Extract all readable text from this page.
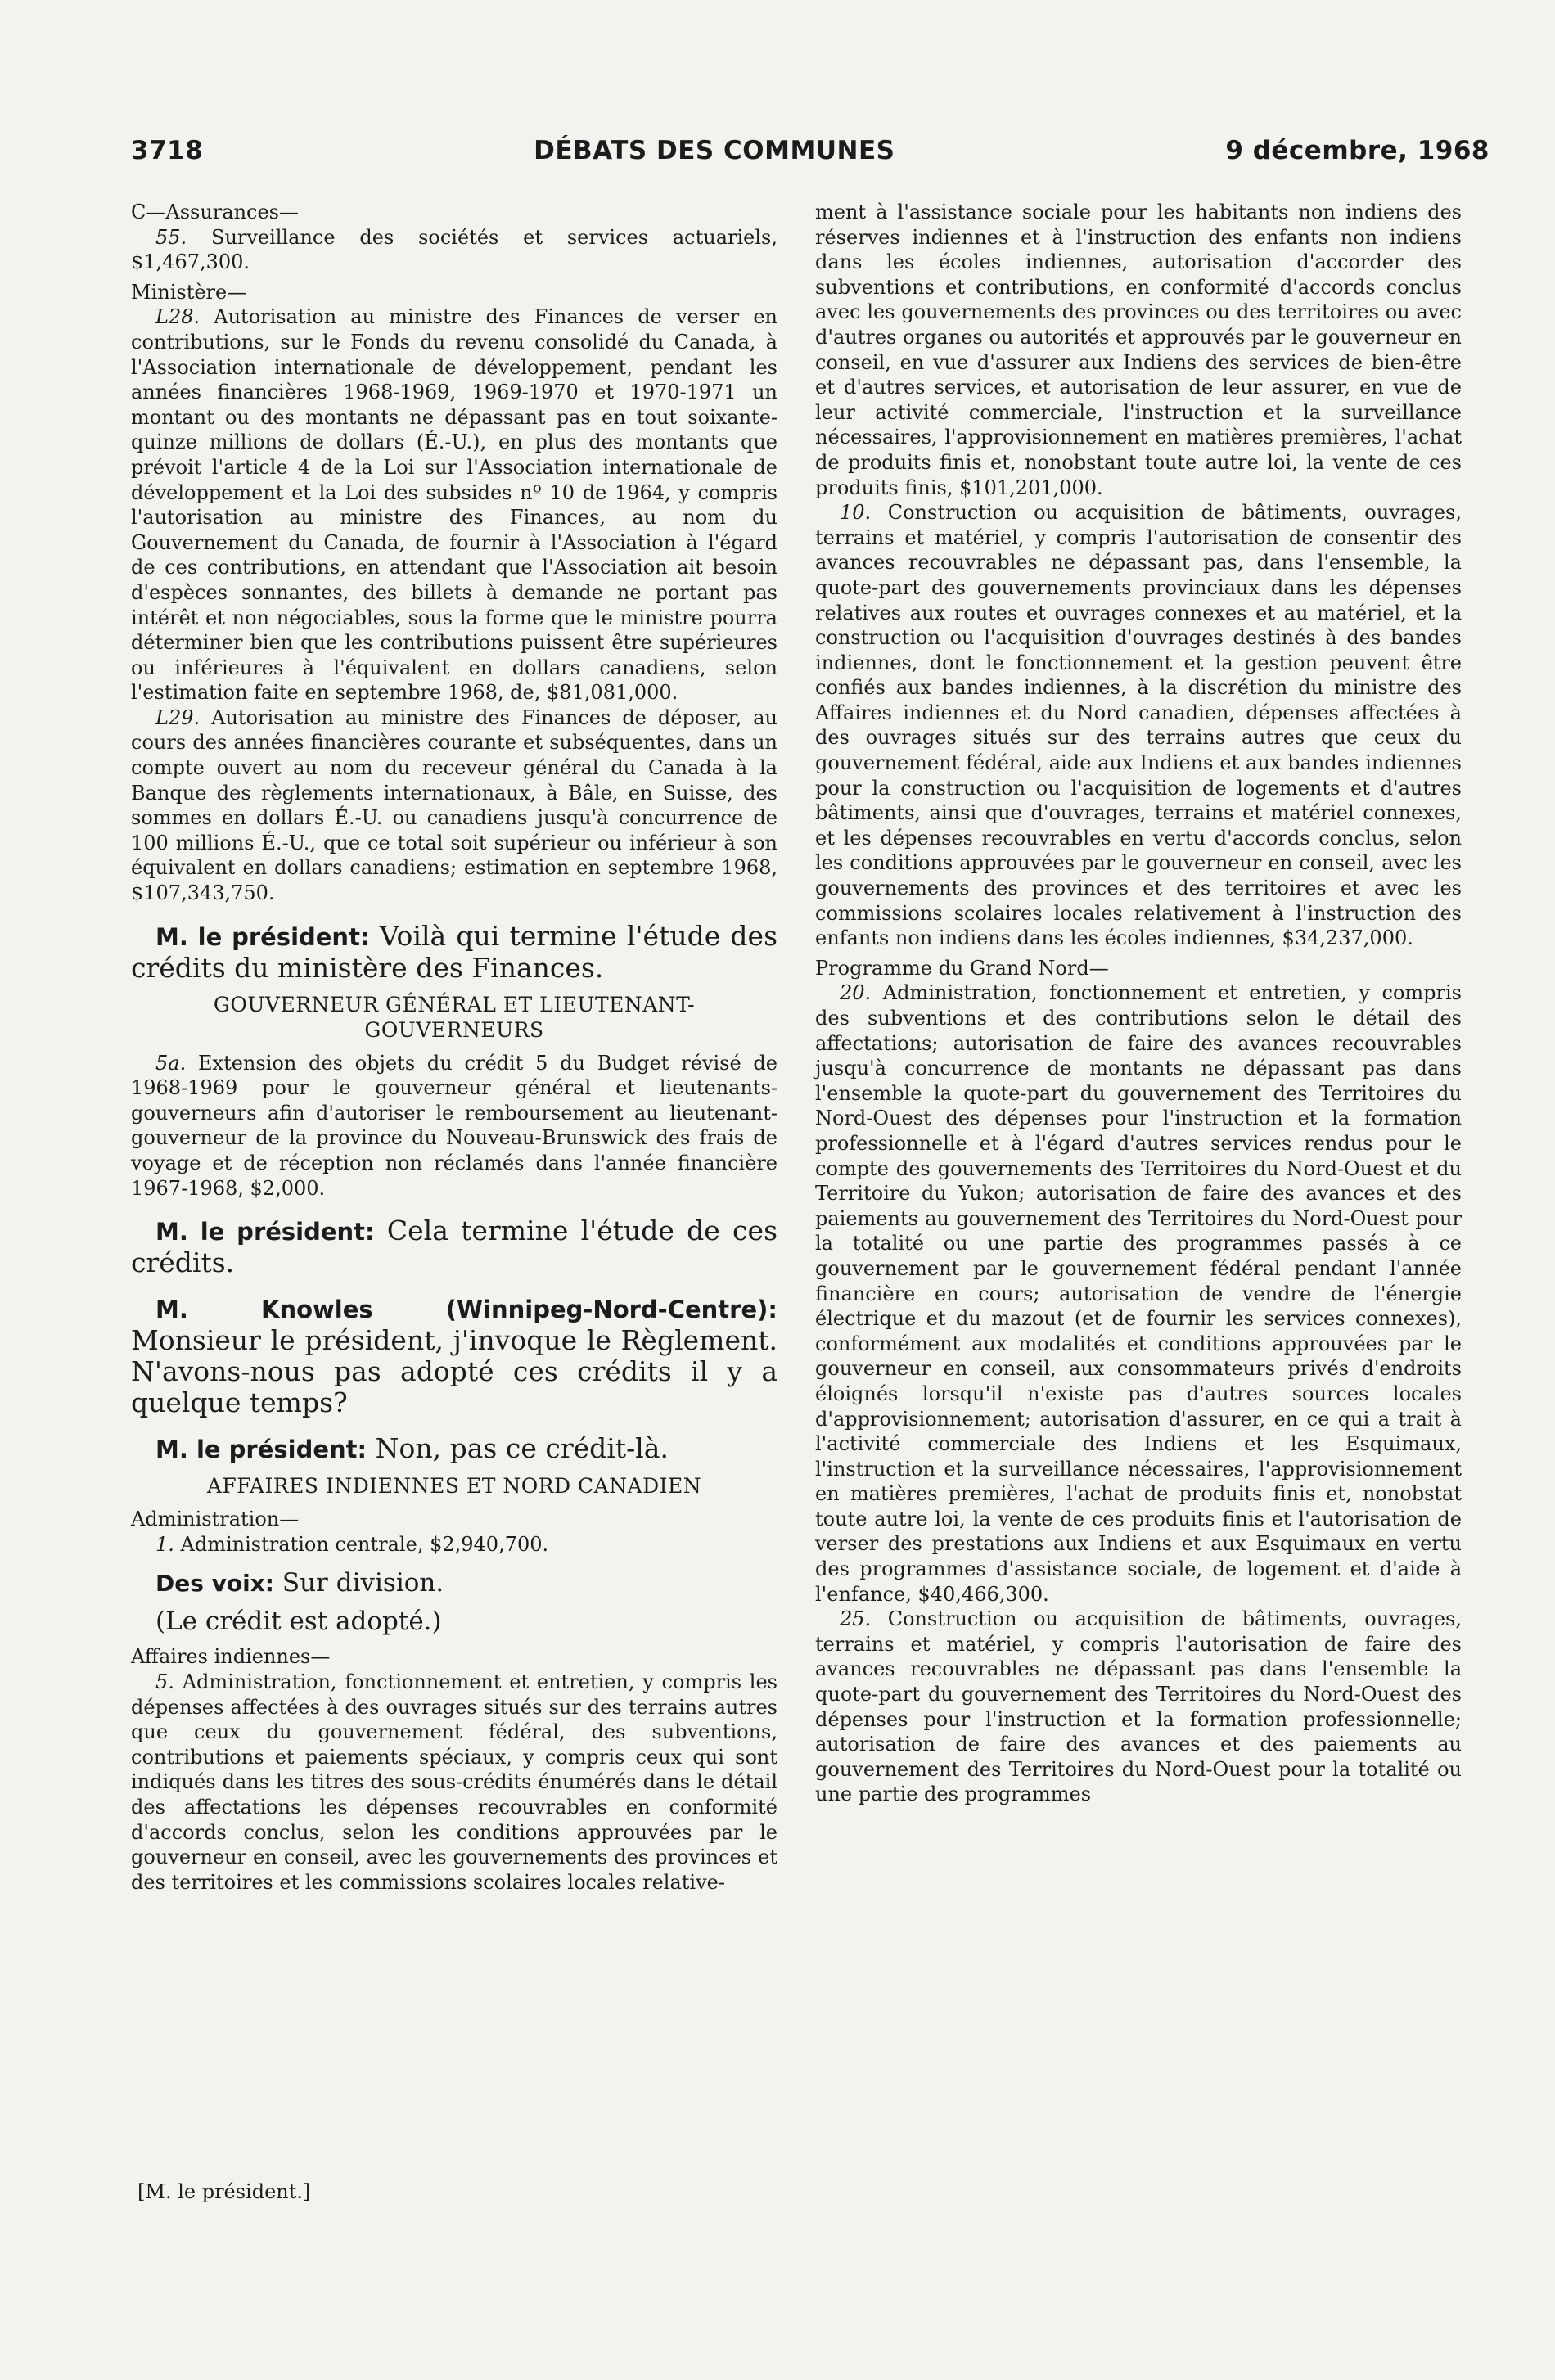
3718	DÉBATS DES COMMUNES	9 décembre, 1968

C—Assurances—

55. Surveillance des sociétés et services actuariels, $1,467,300.

Ministère—

L28. Autorisation au ministre des Finances de verser en contributions, sur le Fonds du revenu consolidé du Canada, à l'Association internationale de développement, pendant les années financières 1968-1969, 1969-1970 et 1970-1971 un montant ou des montants ne dépassant pas en tout soixante-quinze millions de dollars (É.-U.), en plus des montants que prévoit l'article 4 de la Loi sur l'Association internationale de développement et la Loi des subsides nº 10 de 1964, y compris l'autorisation au ministre des Finances, au nom du Gouvernement du Canada, de fournir à l'Association à l'égard de ces contributions, en attendant que l'Association ait besoin d'espèces sonnantes, des billets à demande ne portant pas intérêt et non négociables, sous la forme que le ministre pourra déterminer bien que les contributions puissent être supérieures ou inférieures à l'équivalent en dollars canadiens, selon l'estimation faite en septembre 1968, de, $81,081,000.

L29. Autorisation au ministre des Finances de déposer, au cours des années financières courante et subséquentes, dans un compte ouvert au nom du receveur général du Canada à la Banque des règlements internationaux, à Bâle, en Suisse, des sommes en dollars É.-U. ou canadiens jusqu'à concurrence de 100 millions É.-U., que ce total soit supérieur ou inférieur à son équivalent en dollars canadiens; estimation en septembre 1968, $107,343,750.

M. le président: Voilà qui termine l'étude des crédits du ministère des Finances.

GOUVERNEUR GÉNÉRAL ET LIEUTENANT-GOUVERNEURS

5a. Extension des objets du crédit 5 du Budget révisé de 1968-1969 pour le gouverneur général et lieutenants-gouverneurs afin d'autoriser le remboursement au lieutenant-gouverneur de la province du Nouveau-Brunswick des frais de voyage et de réception non réclamés dans l'année financière 1967-1968, $2,000.

M. le président: Cela termine l'étude de ces crédits.

M. Knowles (Winnipeg-Nord-Centre): Monsieur le président, j'invoque le Règlement. N'avons-nous pas adopté ces crédits il y a quelque temps?

M. le président: Non, pas ce crédit-là.

AFFAIRES INDIENNES ET NORD CANADIEN

Administration—

1. Administration centrale, $2,940,700.

Des voix: Sur division.

(Le crédit est adopté.)

Affaires indiennes—

5. Administration, fonctionnement et entretien, y compris les dépenses affectées à des ouvrages situés sur des terrains autres que ceux du gouvernement fédéral, des subventions, contributions et paiements spéciaux, y compris ceux qui sont indiqués dans les titres des sous-crédits énumérés dans le détail des affectations les dépenses recouvrables en conformité d'accords conclus, selon les conditions approuvées par le gouverneur en conseil, avec les gouvernements des provinces et des territoires et les commissions scolaires locales relative-

[M. le président.]

ment à l'assistance sociale pour les habitants non indiens des réserves indiennes et à l'instruction des enfants non indiens dans les écoles indiennes, autorisation d'accorder des subventions et contributions, en conformité d'accords conclus avec les gouvernements des provinces ou des territoires ou avec d'autres organes ou autorités et approuvés par le gouverneur en conseil, en vue d'assurer aux Indiens des services de bien-être et d'autres services, et autorisation de leur assurer, en vue de leur activité commerciale, l'instruction et la surveillance nécessaires, l'approvisionnement en matières premières, l'achat de produits finis et, nonobstant toute autre loi, la vente de ces produits finis, $101,201,000.

10. Construction ou acquisition de bâtiments, ouvrages, terrains et matériel, y compris l'autorisation de consentir des avances recouvrables ne dépassant pas, dans l'ensemble, la quote-part des gouvernements provinciaux dans les dépenses relatives aux routes et ouvrages connexes et au matériel, et la construction ou l'acquisition d'ouvrages destinés à des bandes indiennes, dont le fonctionnement et la gestion peuvent être confiés aux bandes indiennes, à la discrétion du ministre des Affaires indiennes et du Nord canadien, dépenses affectées à des ouvrages situés sur des terrains autres que ceux du gouvernement fédéral, aide aux Indiens et aux bandes indiennes pour la construction ou l'acquisition de logements et d'autres bâtiments, ainsi que d'ouvrages, terrains et matériel connexes, et les dépenses recouvrables en vertu d'accords conclus, selon les conditions approuvées par le gouverneur en conseil, avec les gouvernements des provinces et des territoires et avec les commissions scolaires locales relativement à l'instruction des enfants non indiens dans les écoles indiennes, $34,237,000.

Programme du Grand Nord—

20. Administration, fonctionnement et entretien, y compris des subventions et des contributions selon le détail des affectations; autorisation de faire des avances recouvrables jusqu'à concurrence de montants ne dépassant pas dans l'ensemble la quote-part du gouvernement des Territoires du Nord-Ouest des dépenses pour l'instruction et la formation professionnelle et à l'égard d'autres services rendus pour le compte des gouvernements des Territoires du Nord-Ouest et du Territoire du Yukon; autorisation de faire des avances et des paiements au gouvernement des Territoires du Nord-Ouest pour la totalité ou une partie des programmes passés à ce gouvernement par le gouvernement fédéral pendant l'année financière en cours; autorisation de vendre de l'énergie électrique et du mazout (et de fournir les services connexes), conformément aux modalités et conditions approuvées par le gouverneur en conseil, aux consommateurs privés d'endroits éloignés lorsqu'il n'existe pas d'autres sources locales d'approvisionnement; autorisation d'assurer, en ce qui a trait à l'activité commerciale des Indiens et les Esquimaux, l'instruction et la surveillance nécessaires, l'approvisionnement en matières premières, l'achat de produits finis et, nonobstat toute autre loi, la vente de ces produits finis et l'autorisation de verser des prestations aux Indiens et aux Esquimaux en vertu des programmes d'assistance sociale, de logement et d'aide à l'enfance, $40,466,300.

25. Construction ou acquisition de bâtiments, ouvrages, terrains et matériel, y compris l'autorisation de faire des avances recouvrables ne dépassant pas dans l'ensemble la quote-part du gouvernement des Territoires du Nord-Ouest des dépenses pour l'instruction et la formation professionnelle; autorisation de faire des avances et des paiements au gouvernement des Territoires du Nord-Ouest pour la totalité ou une partie des programmes
